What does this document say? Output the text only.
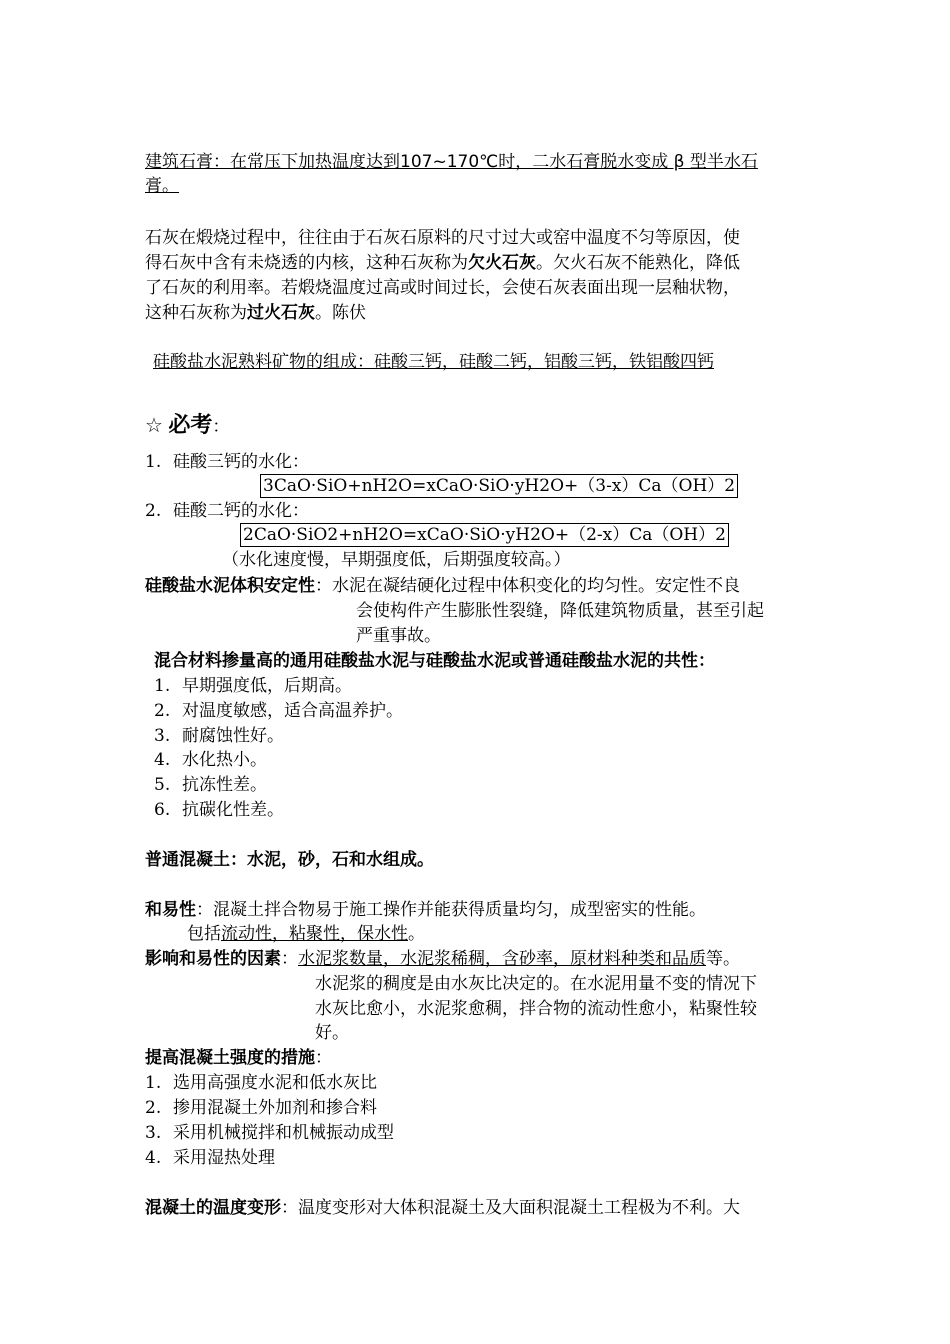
建筑石膏：在常压下加热温度达到107~170℃时，二水石膏脱水变成 β 型半水石
膏。
石灰在煅烧过程中，往往由于石灰石原料的尺寸过大或窑中温度不匀等原因，使
得石灰中含有未烧透的内核，这种石灰称为欠火石灰。欠火石灰不能熟化，降低
了石灰的利用率。若煅烧温度过高或时间过长，会使石灰表面出现一层釉状物，
这种石灰称为过火石灰。陈伏
硅酸盐水泥熟料矿物的组成：硅酸三钙，硅酸二钙，铝酸三钙，铁铝酸四钙
☆ 必考：
1. 硅酸三钙的水化：
3CaO·SiO+nH2O=xCaO·SiO·yH2O+（3-x）Ca（OH）2
2. 硅酸二钙的水化：
2CaO·SiO2+nH2O=xCaO·SiO·yH2O+（2-x）Ca（OH）2
（水化速度慢，早期强度低，后期强度较高。）
硅酸盐水泥体积安定性：水泥在凝结硬化过程中体积变化的均匀性。安定性不良
会使构件产生膨胀性裂缝，降低建筑物质量，甚至引起
严重事故。
混合材料掺量高的通用硅酸盐水泥与硅酸盐水泥或普通硅酸盐水泥的共性：
1. 早期强度低，后期高。
2. 对温度敏感，适合高温养护。
3. 耐腐蚀性好。
4. 水化热小。
5. 抗冻性差。
6. 抗碳化性差。
普通混凝土：水泥，砂，石和水组成。
和易性：混凝土拌合物易于施工操作并能获得质量均匀，成型密实的性能。
包括流动性，粘聚性，保水性。
影响和易性的因素：水泥浆数量，水泥浆稀稠，含砂率，原材料种类和品质等。
水泥浆的稠度是由水灰比决定的。在水泥用量不变的情况下
水灰比愈小，水泥浆愈稠，拌合物的流动性愈小，粘聚性较
好。
提高混凝土强度的措施：
1. 选用高强度水泥和低水灰比
2. 掺用混凝土外加剂和掺合料
3. 采用机械搅拌和机械振动成型
4. 采用湿热处理
混凝土的温度变形：温度变形对大体积混凝土及大面积混凝土工程极为不利。大
